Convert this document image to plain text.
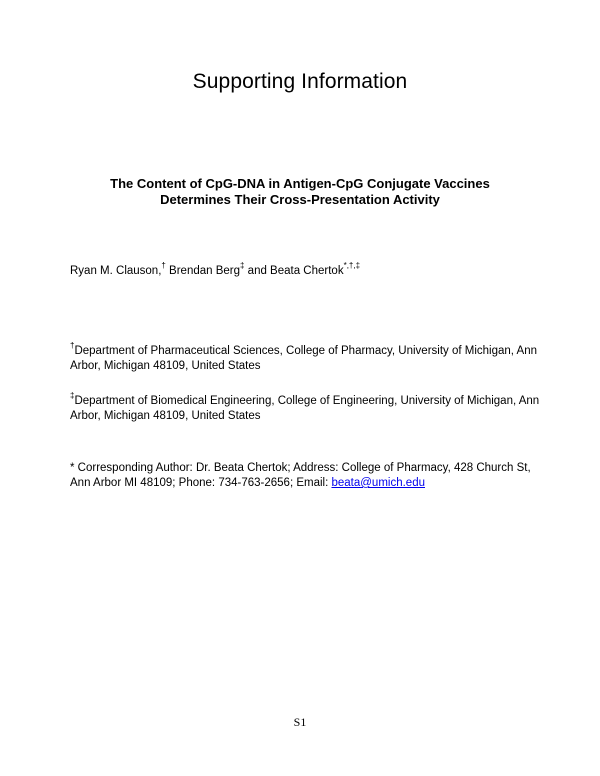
Supporting Information
The Content of CpG-DNA in Antigen-CpG Conjugate Vaccines
Determines Their Cross-Presentation Activity
Ryan M. Clauson,† Brendan Berg‡ and Beata Chertok*,†,‡
†Department of Pharmaceutical Sciences, College of Pharmacy, University of Michigan, Ann Arbor, Michigan 48109, United States
‡Department of Biomedical Engineering, College of Engineering, University of Michigan, Ann Arbor, Michigan 48109, United States
* Corresponding Author: Dr. Beata Chertok; Address: College of Pharmacy, 428 Church St, Ann Arbor MI 48109; Phone: 734-763-2656; Email: beata@umich.edu
S1
